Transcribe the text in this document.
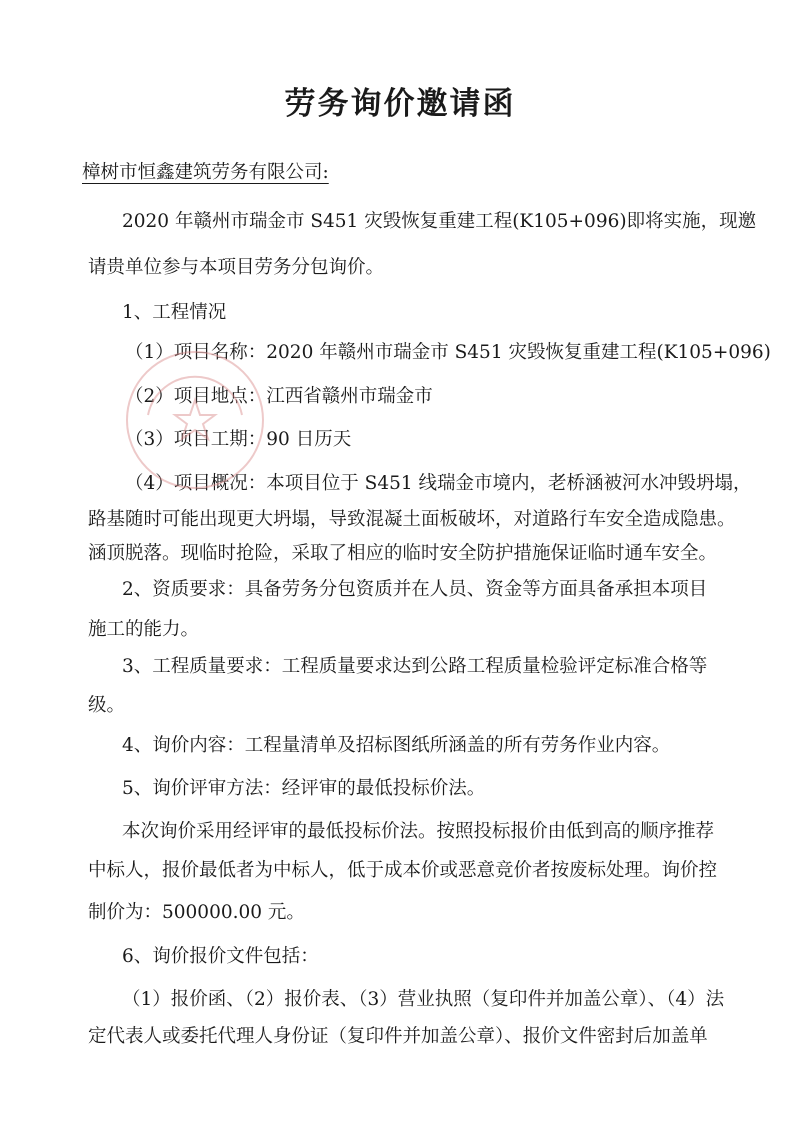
劳务询价邀请函
樟树市恒鑫建筑劳务有限公司:
2020 年赣州市瑞金市 S451 灾毁恢复重建工程(K105+096)即将实施，现邀
请贵单位参与本项目劳务分包询价。
1、工程情况
（1）项目名称：2020 年赣州市瑞金市 S451 灾毁恢复重建工程(K105+096)
（2）项目地点：江西省赣州市瑞金市
（3）项目工期：90 日历天
（4）项目概况：本项目位于 S451 线瑞金市境内，老桥涵被河水冲毁坍塌，
路基随时可能出现更大坍塌，导致混凝土面板破坏，对道路行车安全造成隐患。
涵顶脱落。现临时抢险，采取了相应的临时安全防护措施保证临时通车安全。
2、资质要求：具备劳务分包资质并在人员、资金等方面具备承担本项目
施工的能力。
3、工程质量要求：工程质量要求达到公路工程质量检验评定标准合格等
级。
4、询价内容：工程量清单及招标图纸所涵盖的所有劳务作业内容。
5、询价评审方法：经评审的最低投标价法。
本次询价采用经评审的最低投标价法。按照投标报价由低到高的顺序推荐
中标人，报价最低者为中标人，低于成本价或恶意竞价者按废标处理。询价控
制价为：500000.00 元。
6、询价报价文件包括：
（1）报价函、（2）报价表、（3）营业执照（复印件并加盖公章）、（4）法
定代表人或委托代理人身份证（复印件并加盖公章）、报价文件密封后加盖单
